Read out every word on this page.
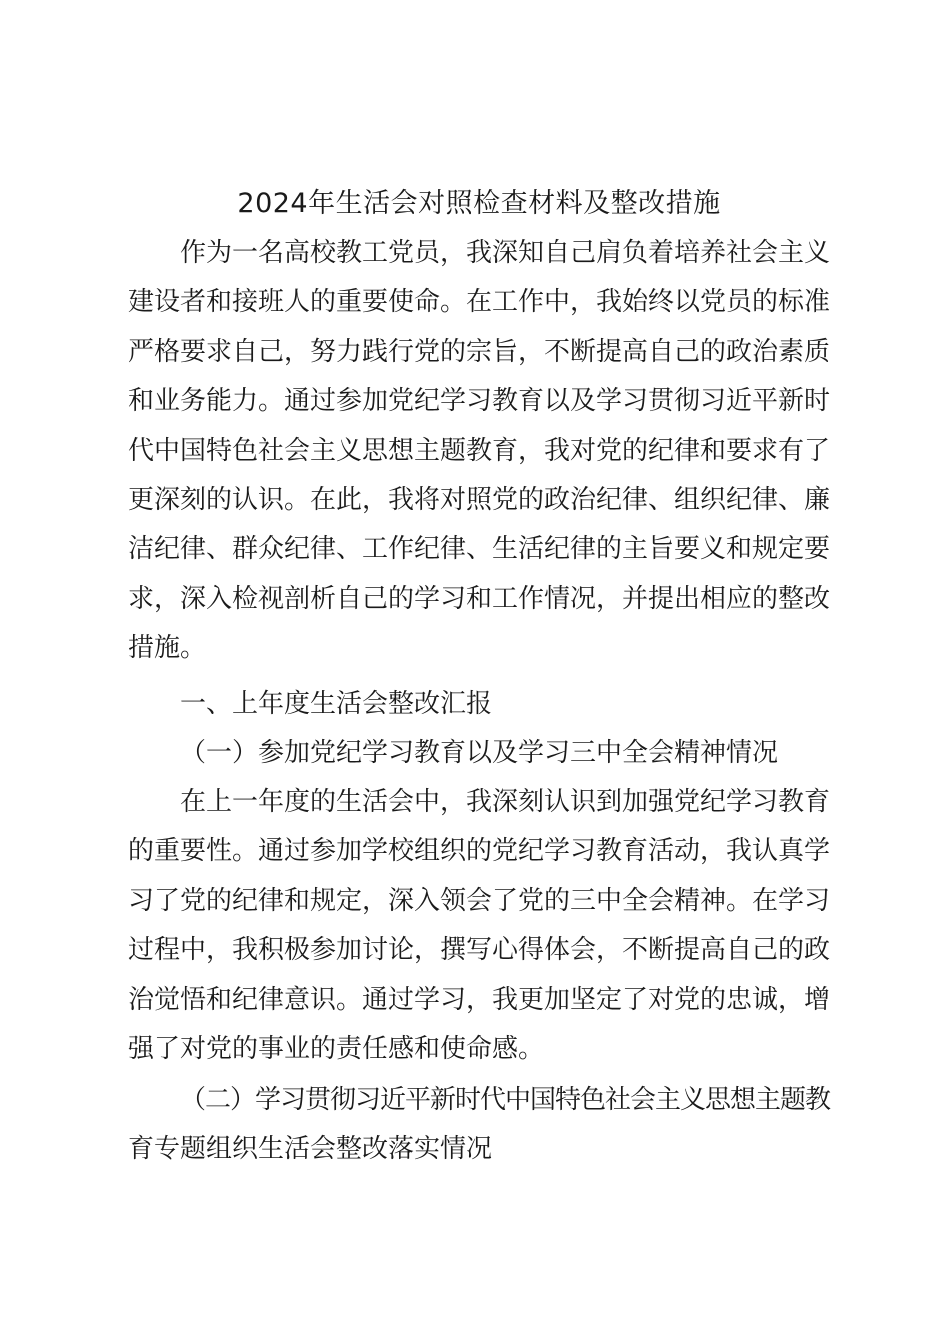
2024年生活会对照检查材料及整改措施
作为一名高校教工党员，我深知自己肩负着培养社会主义
建设者和接班人的重要使命。在工作中，我始终以党员的标准
严格要求自己，努力践行党的宗旨，不断提高自己的政治素质
和业务能力。通过参加党纪学习教育以及学习贯彻习近平新时
代中国特色社会主义思想主题教育，我对党的纪律和要求有了
更深刻的认识。在此，我将对照党的政治纪律、组织纪律、廉
洁纪律、群众纪律、工作纪律、生活纪律的主旨要义和规定要
求，深入检视剖析自己的学习和工作情况，并提出相应的整改
措施。
一、上年度生活会整改汇报
（一）参加党纪学习教育以及学习三中全会精神情况
在上一年度的生活会中，我深刻认识到加强党纪学习教育
的重要性。通过参加学校组织的党纪学习教育活动，我认真学
习了党的纪律和规定，深入领会了党的三中全会精神。在学习
过程中，我积极参加讨论，撰写心得体会，不断提高自己的政
治觉悟和纪律意识。通过学习，我更加坚定了对党的忠诚，增
强了对党的事业的责任感和使命感。
（二）学习贯彻习近平新时代中国特色社会主义思想主题教
育专题组织生活会整改落实情况
